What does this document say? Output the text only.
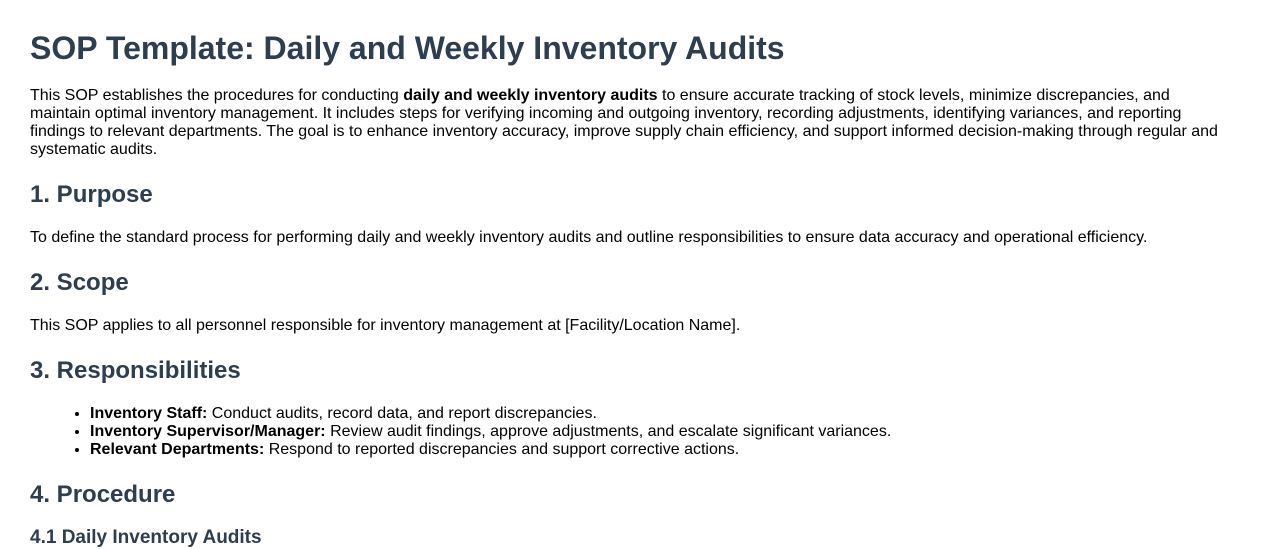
SOP Template: Daily and Weekly Inventory Audits

This SOP establishes the procedures for conducting daily and weekly inventory audits to ensure accurate tracking of stock levels, minimize discrepancies, and maintain optimal inventory management. It includes steps for verifying incoming and outgoing inventory, recording adjustments, identifying variances, and reporting findings to relevant departments. The goal is to enhance inventory accuracy, improve supply chain efficiency, and support informed decision-making through regular and systematic audits.

1. Purpose

To define the standard process for performing daily and weekly inventory audits and outline responsibilities to ensure data accuracy and operational efficiency.

2. Scope

This SOP applies to all personnel responsible for inventory management at [Facility/Location Name].

3. Responsibilities
• Inventory Staff: Conduct audits, record data, and report discrepancies.
• Inventory Supervisor/Manager: Review audit findings, approve adjustments, and escalate significant variances.
• Relevant Departments: Respond to reported discrepancies and support corrective actions.
4. Procedure
4.1 Daily Inventory Audits
